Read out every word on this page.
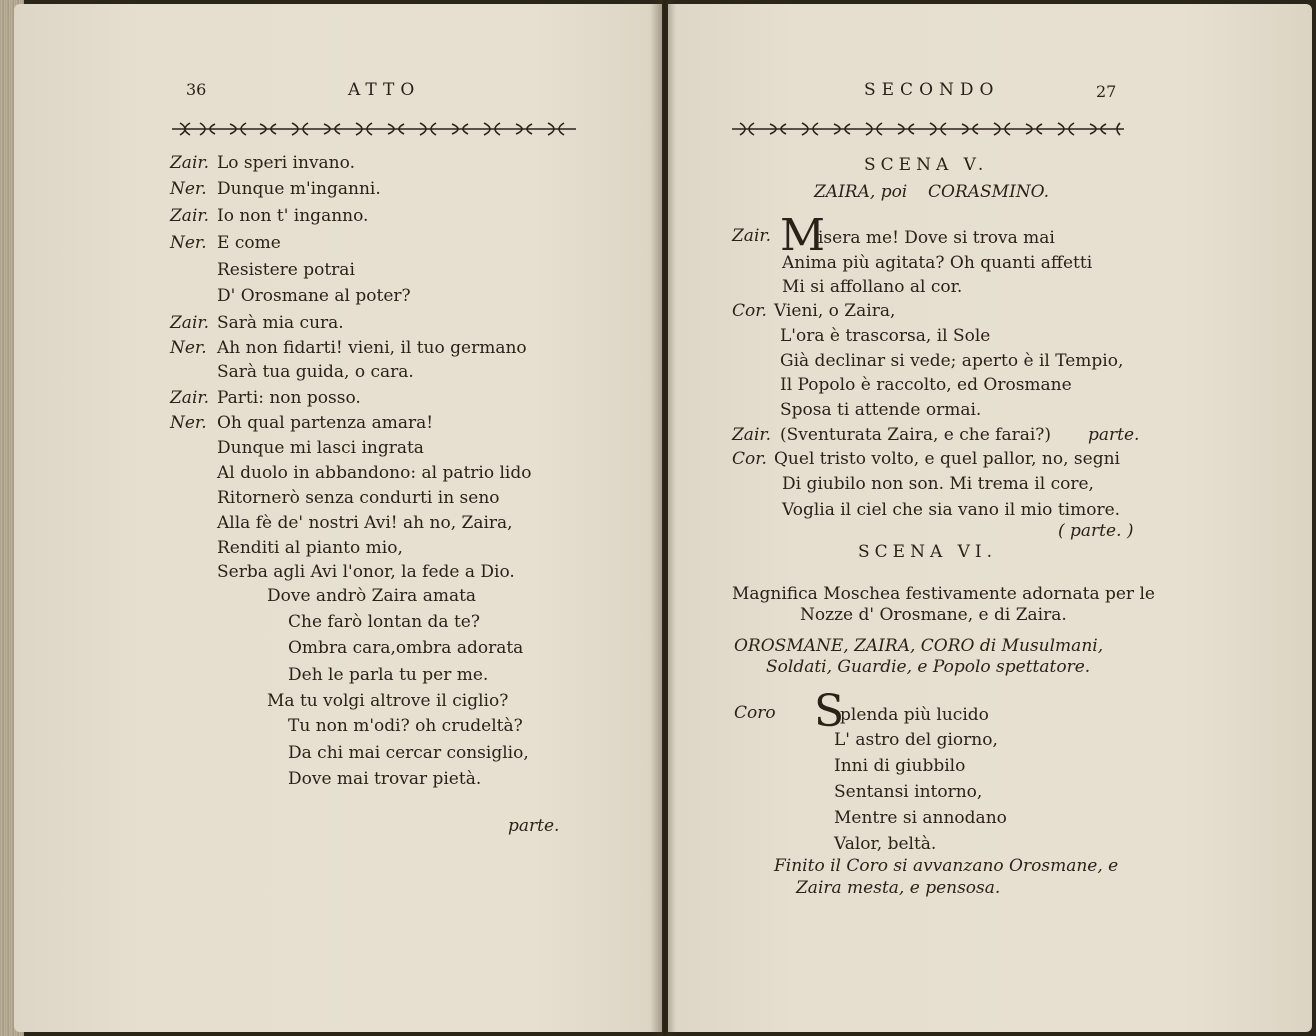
36	ATTO
Zair. Lo speri invano.
Ner. Dunque m'inganni.
Zair. Io non t' inganno.
Ner. E come
Resistere potrai
D' Orosmane al poter?
Zair. Sarà mia cura.
Ner. Ah non fidarti! vieni, il tuo germano
Sarà tua guida, o cara.
Zair. Parti: non posso.
Ner. Oh qual partenza amara!
Dunque mi lasci ingrata
Al duolo in abbandono: al patrio lido
Ritornerò senza condurti in seno
Alla fè de' nostri Avi! ah no, Zaira,
Renditi al pianto mio,
Serba agli Avi l'onor, la fede a Dio.
Dove andrò Zaira amata
Che farò lontan da te?
Ombra cara,ombra adorata
Deh le parla tu per me.
Ma tu volgi altrove il ciglio?
Tu non m'odi? oh crudeltà?
Da chi mai cercar consiglio,
Dove mai trovar pietà.
parte.
SECONDO	27
SCENA V.
ZAIRA, poi CORASMINO.
Zair. M
isera me! Dove si trova mai
Anima più agitata? Oh quanti affetti
Mi si affollano al cor.
Cor. Vieni, o Zaira,
L'ora è trascorsa, il Sole
Già declinar si vede; aperto è il Tempio,
Il Popolo è raccolto, ed Orosmane
Sposa ti attende ormai.
Zair. (Sventurata Zaira, e che farai?) parte.
Cor. Quel tristo volto, e quel pallor, no, segni
Di giubilo non son. Mi trema il core,
Voglia il ciel che sia vano il mio timore.
( parte. )
SCENA VI.
Magnifica Moschea festivamente adornata per le
Nozze d' Orosmane, e di Zaira.
OROSMANE, ZAIRA, CORO di Musulmani,
Soldati, Guardie, e Popolo spettatore.
Coro S
plenda più lucido
L' astro del giorno,
Inni di giubbilo
Sentansi intorno,
Mentre si annodano
Valor, beltà.
Finito il Coro si avvanzano Orosmane, e
Zaira mesta, e pensosa.
